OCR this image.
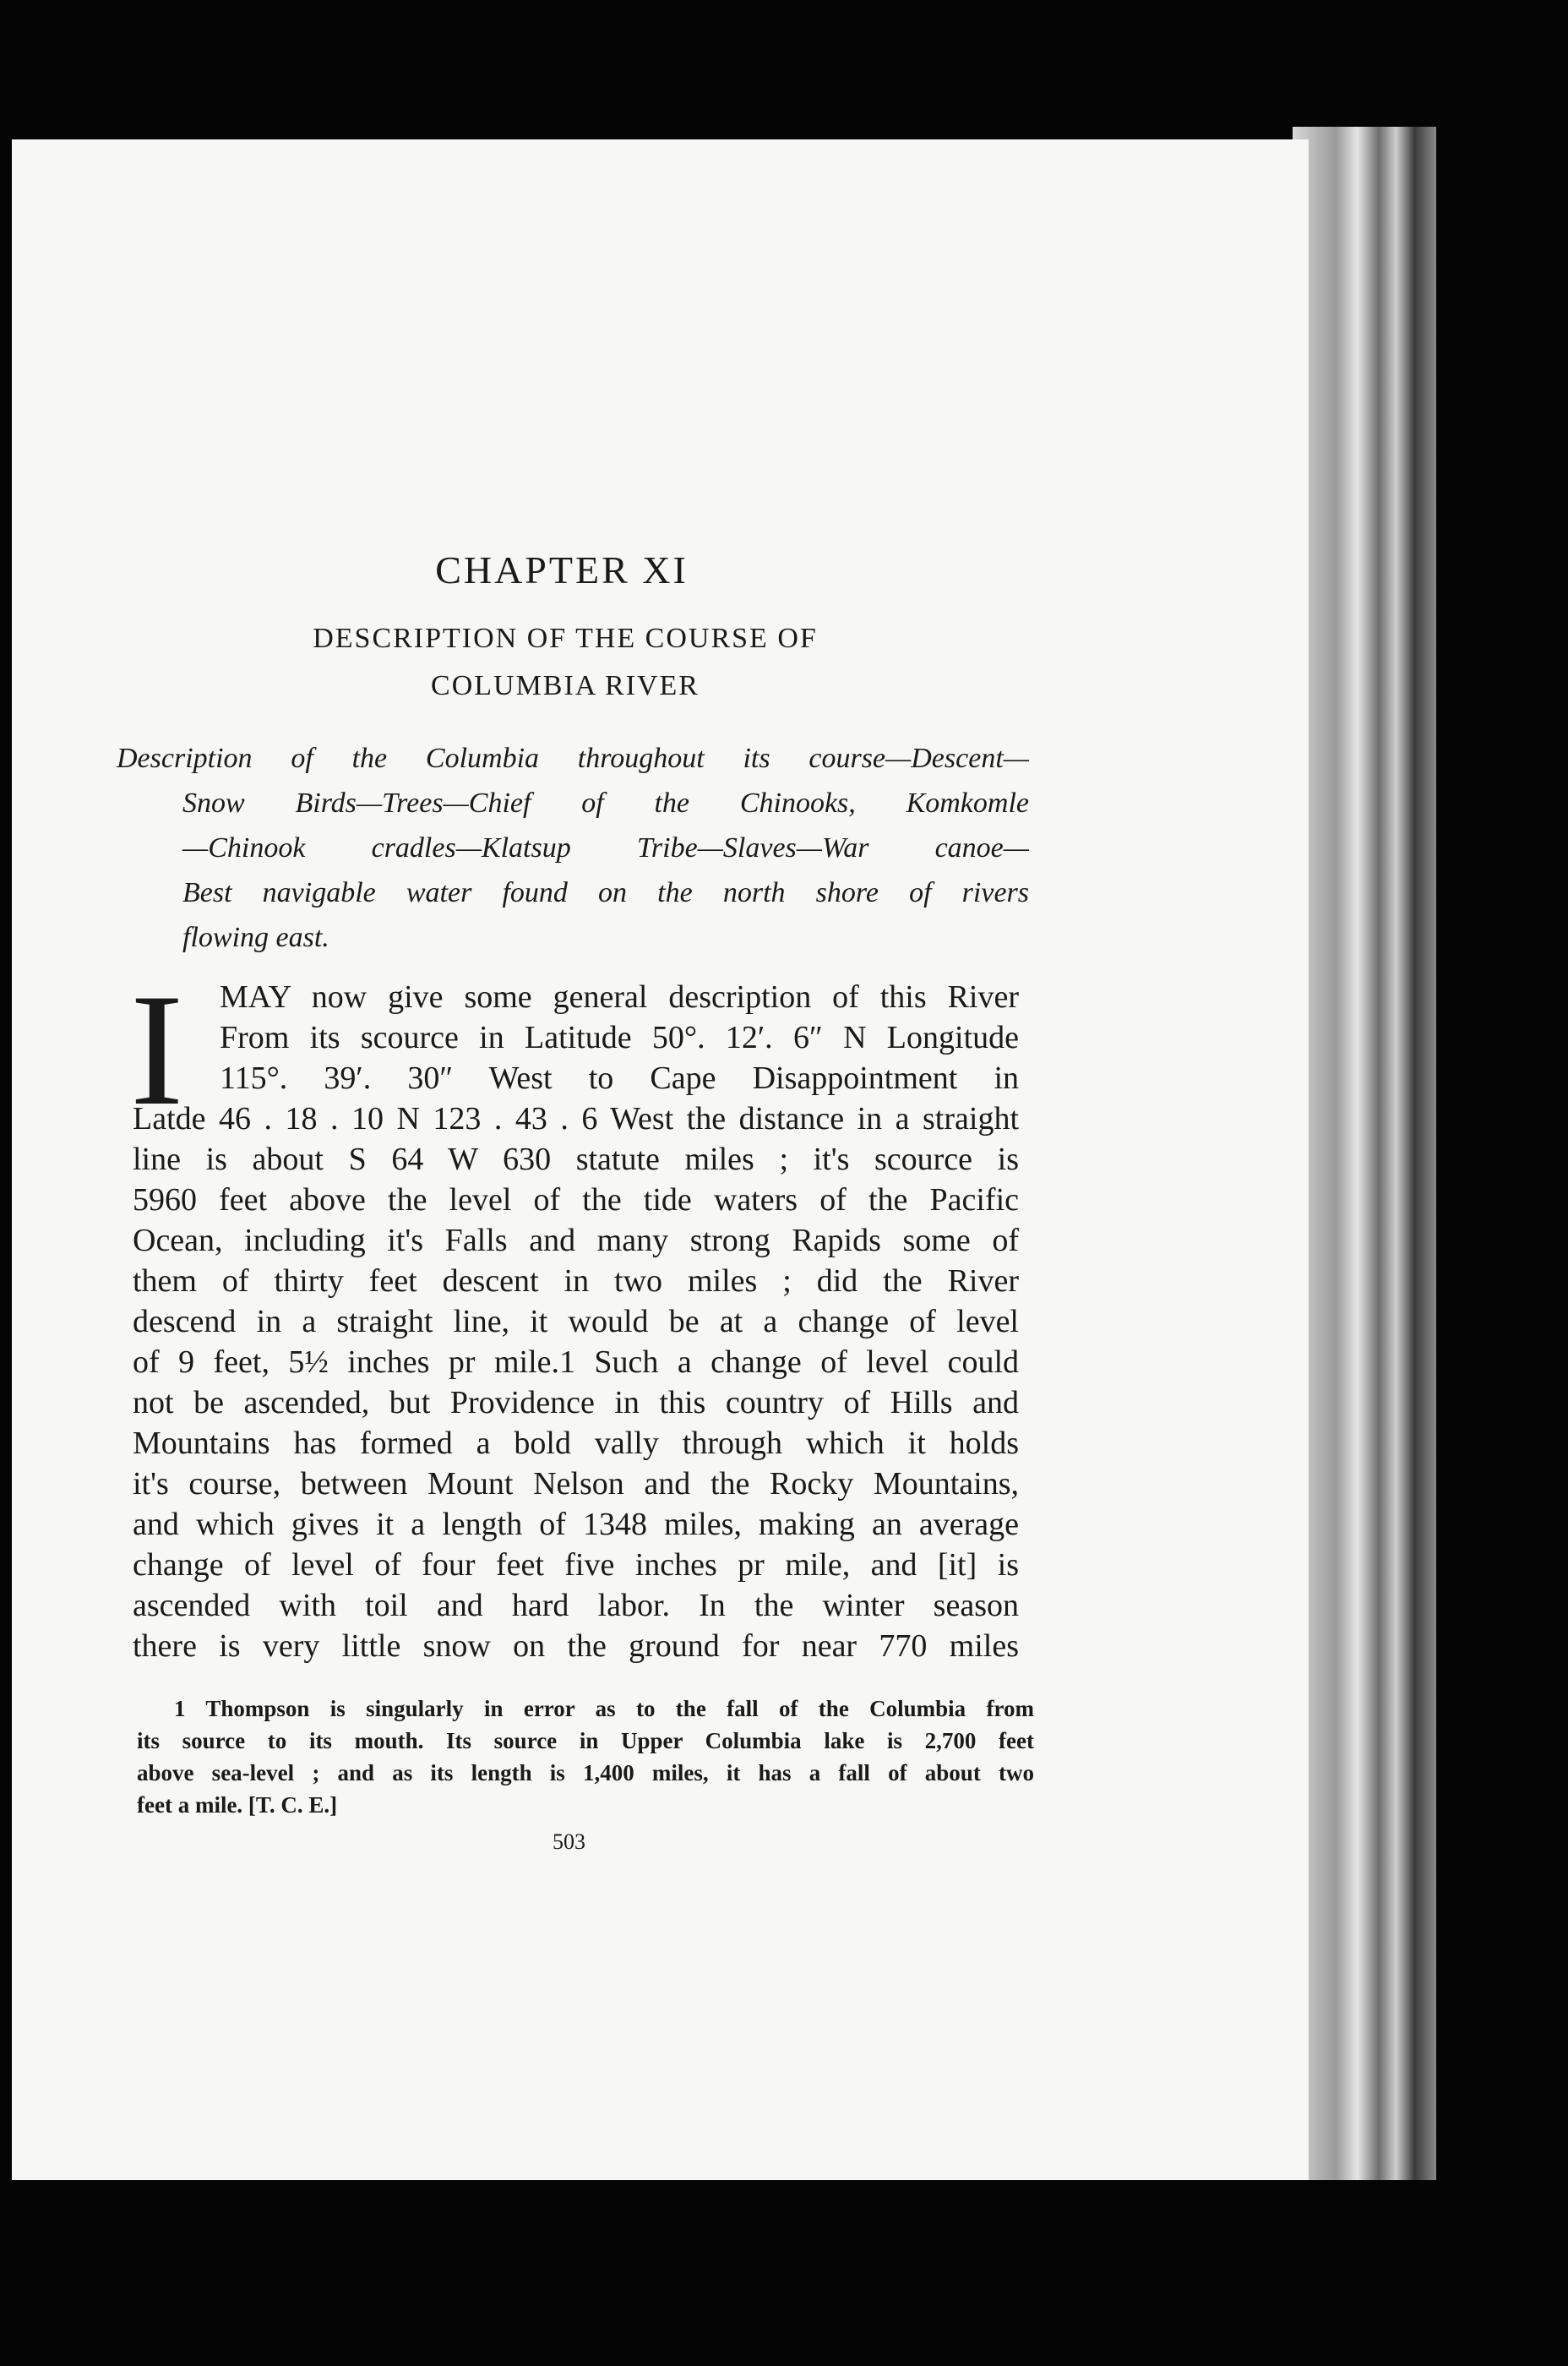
CHAPTER XI
DESCRIPTION OF THE COURSE OF
COLUMBIA RIVER
Description of the Columbia throughout its course—Descent—
Snow Birds—Trees—Chief of the Chinooks, Komkomle
—Chinook cradles—Klatsup Tribe—Slaves—War canoe—
Best navigable water found on the north shore of rivers
flowing east.
I MAY now give some general description of this River
From its scource in Latitude 50°. 12′. 6″ N Longitude
115°. 39′. 30″ West to Cape Disappointment in
Latde 46 . 18 . 10 N 123 . 43 . 6 West the distance in a straight
line is about S 64 W 630 statute miles ; it's scource is
5960 feet above the level of the tide waters of the Pacific
Ocean, including it's Falls and many strong Rapids some of
them of thirty feet descent in two miles ; did the River
descend in a straight line, it would be at a change of level
of 9 feet, 5½ inches pr mile.1 Such a change of level could
not be ascended, but Providence in this country of Hills and
Mountains has formed a bold vally through which it holds
it's course, between Mount Nelson and the Rocky Mountains,
and which gives it a length of 1348 miles, making an average
change of level of four feet five inches pr mile, and [it] is
ascended with toil and hard labor. In the winter season
there is very little snow on the ground for near 770 miles
1 Thompson is singularly in error as to the fall of the Columbia from
its source to its mouth. Its source in Upper Columbia lake is 2,700 feet
above sea-level ; and as its length is 1,400 miles, it has a fall of about two
feet a mile. [T. C. E.]
503
